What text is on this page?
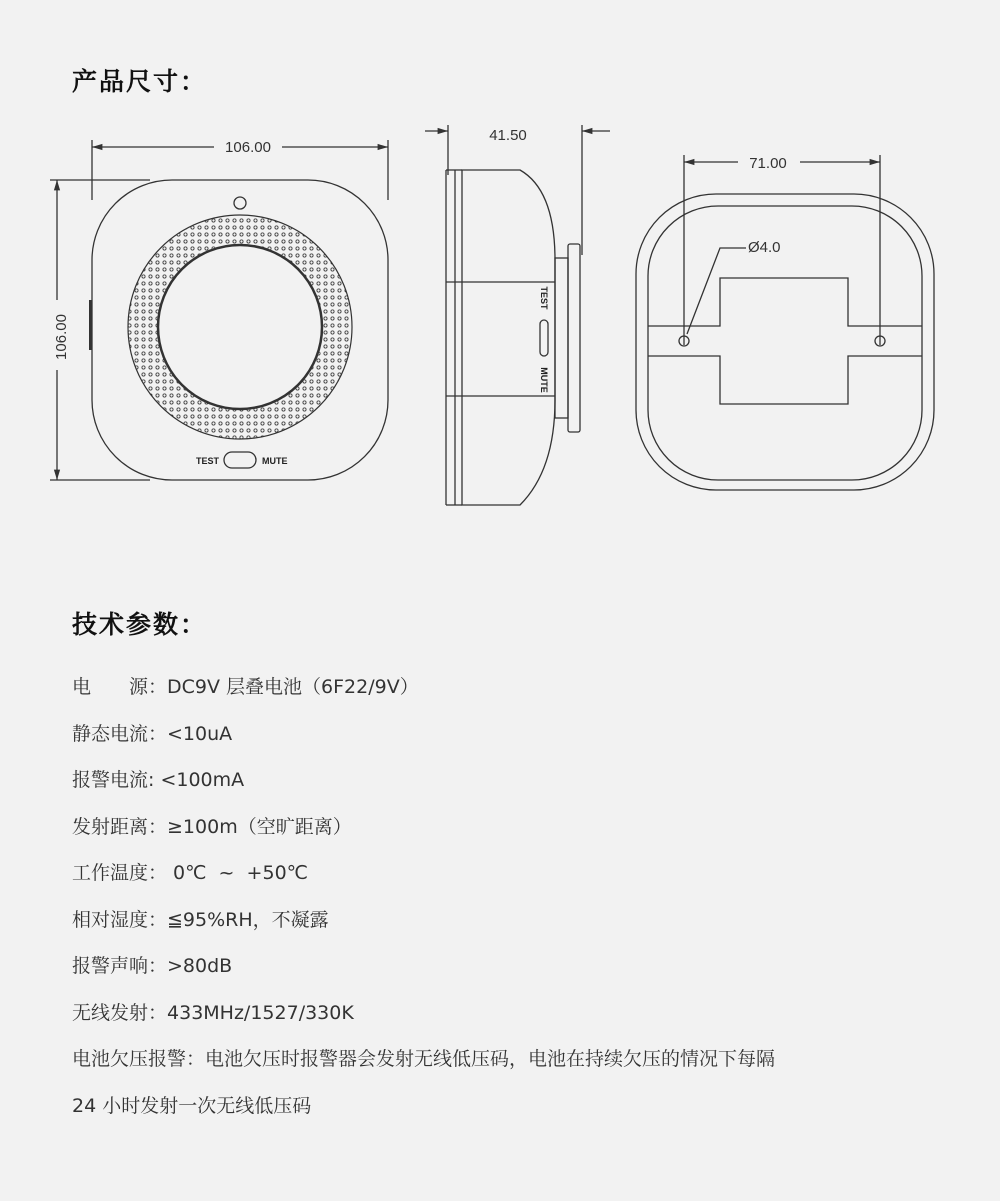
产品尺寸：
106.00
106.00
TEST	MUTE
41.50
TEST
MUTE
71.00
Ø4.0
技术参数：
电　　源：DC9V 层叠电池（6F22/9V）
静态电流：<10uA
报警电流: <100mA
发射距离：≥100m（空旷距离）
工作温度： 0℃  ~  +50℃
相对湿度：≦95%RH，不凝露
报警声响：>80dB
无线发射：433MHz/1527/330K
电池欠压报警：电池欠压时报警器会发射无线低压码，电池在持续欠压的情况下每隔
24 小时发射一次无线低压码
